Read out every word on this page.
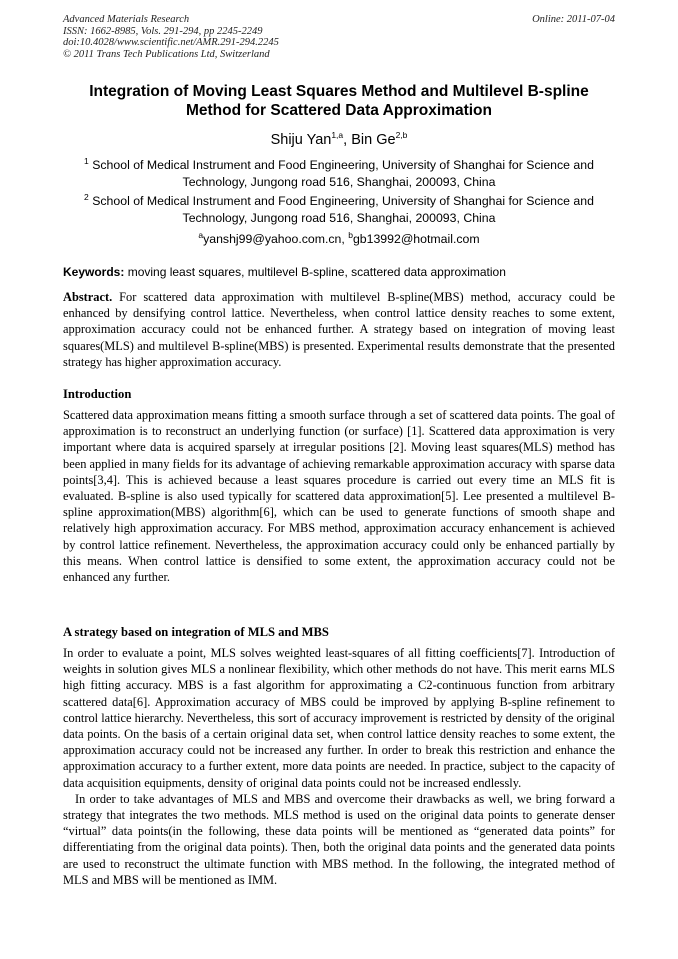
Advanced Materials Research
ISSN: 1662-8985, Vols. 291-294, pp 2245-2249
doi:10.4028/www.scientific.net/AMR.291-294.2245
© 2011 Trans Tech Publications Ltd, Switzerland
Online: 2011-07-04
Integration of Moving Least Squares Method and Multilevel B-spline
Method for Scattered Data Approximation
Shiju Yan$^{1,a}$, Bin Ge$^{2,b}$
$^1$ School of Medical Instrument and Food Engineering, University of Shanghai for Science and
Technology, Jungong road 516, Shanghai, 200093, China
$^2$ School of Medical Instrument and Food Engineering, University of Shanghai for Science and
Technology, Jungong road 516, Shanghai, 200093, China
$^a$yanshj99@yahoo.com.cn, $^b$gb13992@hotmail.com
Keywords: moving least squares, multilevel B-spline, scattered data approximation
Abstract. For scattered data approximation with multilevel B-spline(MBS) method, accuracy could be enhanced by densifying control lattice. Nevertheless, when control lattice density reaches to some extent, approximation accuracy could not be enhanced further. A strategy based on integration of moving least squares(MLS) and multilevel B-spline(MBS) is presented. Experimental results demonstrate that the presented strategy has higher approximation accuracy.
Introduction

Scattered data approximation means fitting a smooth surface through a set of scattered data points. The goal of approximation is to reconstruct an underlying function (or surface) [1]. Scattered data approximation is very important where data is acquired sparsely at irregular positions [2]. Moving least squares(MLS) method has been applied in many fields for its advantage of achieving remarkable approximation accuracy with sparse data points[3,4]. This is achieved because a least squares procedure is carried out every time an MLS fit is evaluated. B-spline is also used typically for scattered data approximation[5]. Lee presented a multilevel B-spline approximation(MBS) algorithm[6], which can be used to generate functions of smooth shape and relatively high approximation accuracy. For MBS method, approximation accuracy enhancement is achieved by control lattice refinement. Nevertheless, the approximation accuracy could only be enhanced partially by this means. When control lattice is densified to some extent, the approximation accuracy could not be enhanced any further.

A strategy based on integration of MLS and MBS

In order to evaluate a point, MLS solves weighted least-squares of all fitting coefficients[7]. Introduction of weights in solution gives MLS a nonlinear flexibility, which other methods do not have. This merit earns MLS high fitting accuracy. MBS is a fast algorithm for approximating a C2-continuous function from arbitrary scattered data[6]. Approximation accuracy of MBS could be improved by applying B-spline refinement to control lattice hierarchy. Nevertheless, this sort of accuracy improvement is restricted by density of the original data points. On the basis of a certain original data set, when control lattice density reaches to some extent, the approximation accuracy could not be increased any further. In order to break this restriction and enhance the approximation accuracy to a further extent, more data points are needed. In practice, subject to the capacity of data acquisition equipments, density of original data points could not be increased endlessly.

In order to take advantages of MLS and MBS and overcome their drawbacks as well, we bring forward a strategy that integrates the two methods. MLS method is used on the original data points to generate denser “virtual” data points(in the following, these data points will be mentioned as “generated data points” for differentiating from the original data points). Then, both the original data points and the generated data points are used to reconstruct the ultimate function with MBS method. In the following, the integrated method of MLS and MBS will be mentioned as IMM.
